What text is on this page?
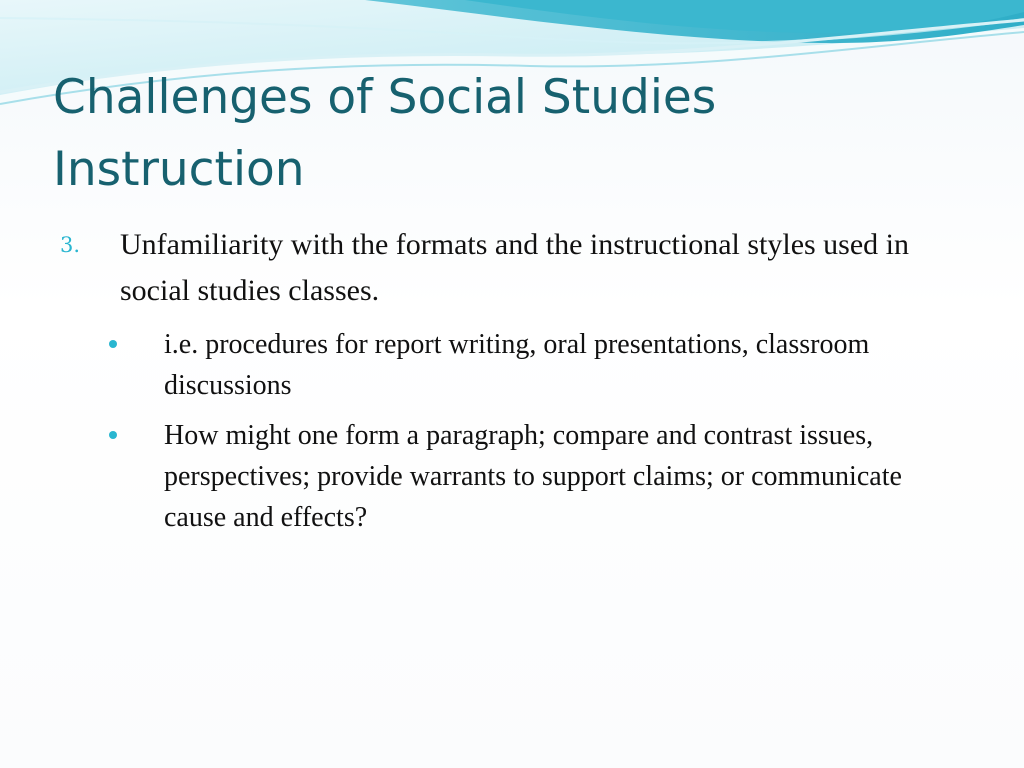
Challenges of Social Studies
Instruction
3.	Unfamiliarity with the formats and the instructional styles used in social studies classes.

i.e. procedures for report writing, oral presentations, classroom discussions
How might one form a paragraph; compare and contrast issues, perspectives; provide warrants to support claims; or communicate cause and effects?
